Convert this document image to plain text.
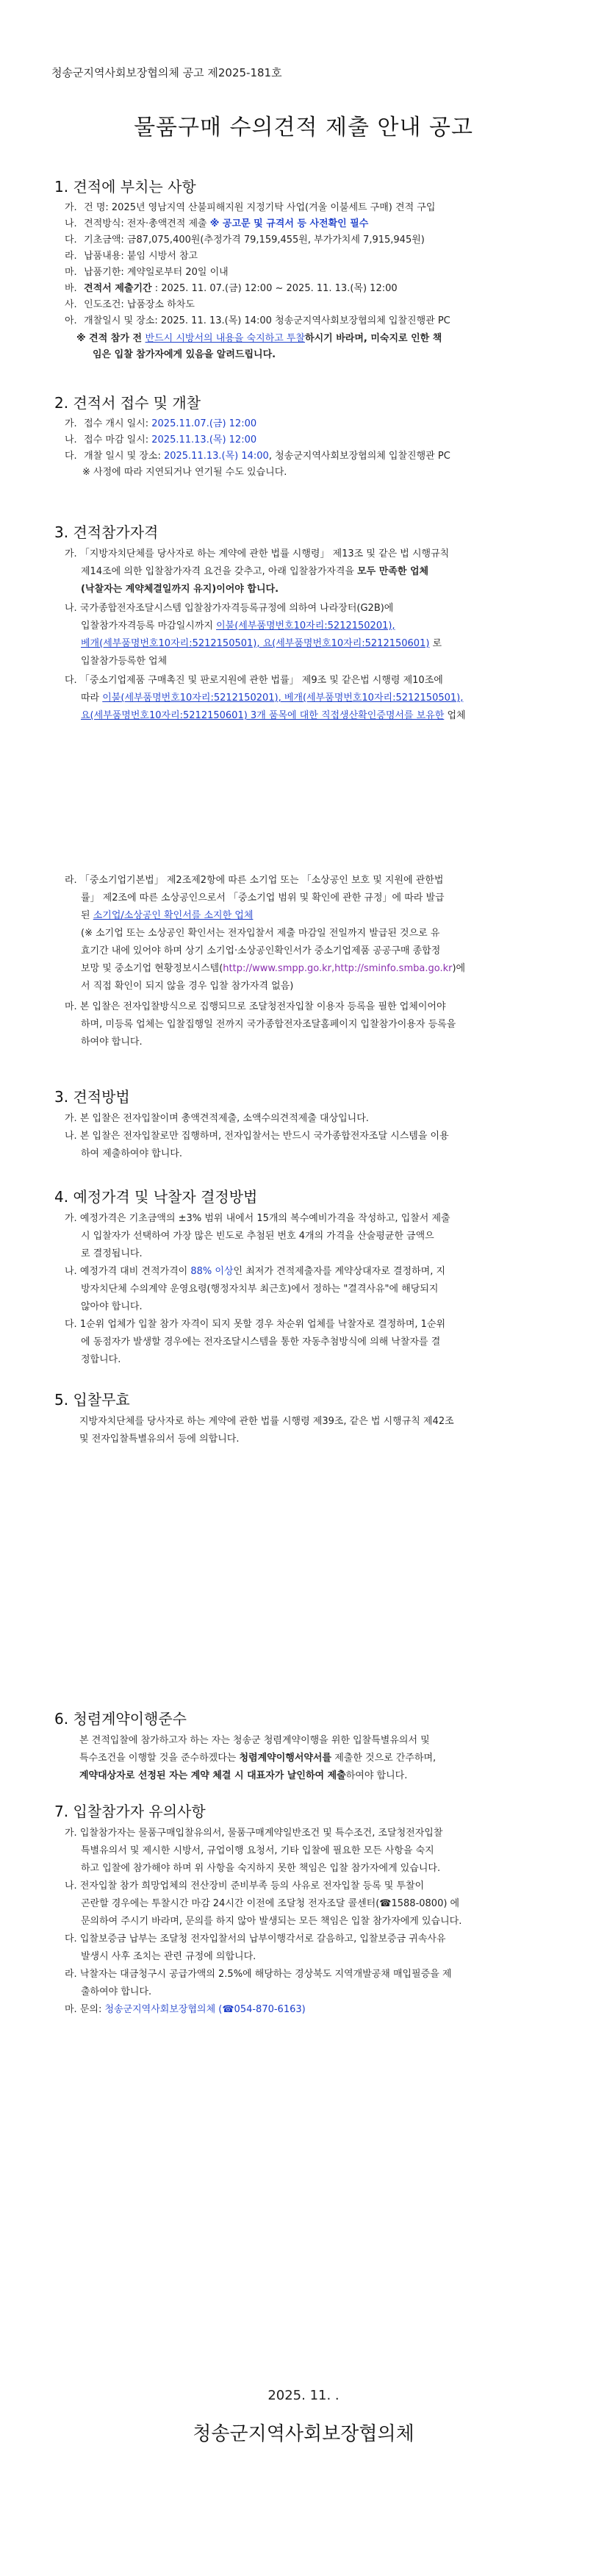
청송군지역사회보장협의체 공고 제2025-181호
물품구매 수의견적 제출 안내 공고
1. 견적에 부치는 사항
가. 건 명: 2025년 영남지역 산불피해지원 지정기탁 사업(겨울 이불세트 구매) 견적 구입
나. 견적방식: 전자·총액견적 제출 ※ 공고문 및 규격서 등 사전확인 필수
다. 기초금액: 금87,075,400원(추정가격 79,159,455원, 부가가치세 7,915,945원)
라. 납품내용: 붙임 시방서 참고
마. 납품기한: 계약일로부터 20일 이내
바. 견적서 제출기간 : 2025. 11. 07.(금) 12:00 ~ 2025. 11. 13.(목) 12:00
사. 인도조건: 납품장소 하차도
아. 개찰일시 및 장소: 2025. 11. 13.(목) 14:00 청송군지역사회보장협의체 입찰진행관 PC
※ 견적 참가 전 반드시 시방서의 내용을 숙지하고 투찰하시기 바라며, 미숙지로 인한 책
임은 입찰 참가자에게 있음을 알려드립니다.
2. 견적서 접수 및 개찰
가. 접수 개시 일시: 2025.11.07.(금) 12:00
나. 접수 마감 일시: 2025.11.13.(목) 12:00
다. 개찰 일시 및 장소: 2025.11.13.(목) 14:00, 청송군지역사회보장협의체 입찰진행관 PC
※ 사정에 따라 지연되거나 연기될 수도 있습니다.
3. 견적참가자격
가. 「지방자치단체를 당사자로 하는 계약에 관한 법률 시행령」 제13조 및 같은 법 시행규칙
제14조에 의한 입찰참가자격 요건을 갖추고, 아래 입찰참가자격을 모두 만족한 업체
(낙찰자는 계약체결일까지 유지)이어야 합니다.
나. 국가종합전자조달시스템 입찰참가자격등록규정에 의하여 나라장터(G2B)에
입찰참가자격등록 마감일시까지 이불(세부품명번호10자리:5212150201),
베개(세부품명번호10자리:5212150501), 요(세부품명번호10자리:5212150601) 로
입찰참가등록한 업체
다. 「중소기업제품 구매촉진 및 판로지원에 관한 법률」 제9조 및 같은법 시행령 제10조에
따라 이불(세부품명번호10자리:5212150201), 베개(세부품명번호10자리:5212150501),
요(세부품명번호10자리:5212150601) 3개 품목에 대한 직접생산확인증명서를 보유한 업체
라. 「중소기업기본법」 제2조제2항에 따른 소기업 또는 「소상공인 보호 및 지원에 관한법
률」 제2조에 따른 소상공인으로서 「중소기업 범위 및 확인에 관한 규정」에 따라 발급
된 소기업/소상공인 확인서를 소지한 업체
(※ 소기업 또는 소상공인 확인서는 전자입찰서 제출 마감일 전일까지 발급된 것으로 유
효기간 내에 있어야 하며 상기 소기업·소상공인확인서가 중소기업제품 공공구매 종합정
보망 및 중소기업 현황정보시스템(http://www.smpp.go.kr,http://sminfo.smba.go.kr)에
서 직접 확인이 되지 않을 경우 입찰 참가자격 없음)
마. 본 입찰은 전자입찰방식으로 집행되므로 조달청전자입찰 이용자 등록을 필한 업체이어야
하며, 미등록 업체는 입찰집행일 전까지 국가종합전자조달홈페이지 입찰참가이용자 등록을
하여야 합니다.
3. 견적방법
가. 본 입찰은 전자입찰이며 총액견적제출, 소액수의견적제출 대상입니다.
나. 본 입찰은 전자입찰로만 집행하며, 전자입찰서는 반드시 국가종합전자조달 시스템을 이용
하여 제출하여야 합니다.
4. 예정가격 및 낙찰자 결정방법
가. 예정가격은 기초금액의 ±3% 범위 내에서 15개의 복수예비가격을 작성하고, 입찰서 제출
시 입찰자가 선택하여 가장 많은 빈도로 추첨된 번호 4개의 가격을 산술평균한 금액으
로 결정됩니다.
나. 예정가격 대비 견적가격이 88% 이상인 최저가 견적제출자를 계약상대자로 결정하며, 지
방자치단체 수의계약 운영요령(행정자치부 최근호)에서 정하는 "결격사유"에 해당되지
않아야 합니다.
다. 1순위 업체가 입찰 참가 자격이 되지 못할 경우 차순위 업체를 낙찰자로 결정하며, 1순위
에 동점자가 발생할 경우에는 전자조달시스템을 통한 자동추첨방식에 의해 낙찰자를 결
정합니다.
5. 입찰무효
지방자치단체를 당사자로 하는 계약에 관한 법률 시행령 제39조, 같은 법 시행규칙 제42조
및 전자입찰특별유의서 등에 의합니다.
6. 청렴계약이행준수
본 견적입찰에 참가하고자 하는 자는 청송군 청렴계약이행을 위한 입찰특별유의서 및
특수조건을 이행할 것을 준수하겠다는 청렴계약이행서약서를 제출한 것으로 간주하며,
계약대상자로 선정된 자는 계약 체결 시 대표자가 날인하여 제출하여야 합니다.
7. 입찰참가자 유의사항
가. 입찰참가자는 물품구매입찰유의서, 물품구매계약일반조건 및 특수조건, 조달청전자입찰
특별유의서 및 제시한 시방서, 규업이행 요청서, 기타 입찰에 필요한 모든 사항을 숙지
하고 입찰에 참가해야 하며 위 사항을 숙지하지 못한 책임은 입찰 참가자에게 있습니다.
나. 전자입찰 참가 희망업체의 전산장비 준비부족 등의 사유로 전자입찰 등록 및 투찰이
곤란할 경우에는 투찰시간 마감 24시간 이전에 조달청 전자조달 콜센터(☎1588-0800) 에
문의하여 주시기 바라며, 문의를 하지 않아 발생되는 모든 책임은 입찰 참가자에게 있습니다.
다. 입찰보증금 납부는 조달청 전자입찰서의 납부이행각서로 갈음하고, 입찰보증금 귀속사유
발생시 사후 조치는 관련 규정에 의합니다.
라. 낙찰자는 대금청구시 공급가액의 2.5%에 해당하는 경상북도 지역개발공채 매입필증을 제
출하여야 합니다.
마. 문의: 청송군지역사회보장협의체 (☎054-870-6163)
2025. 11. .
청송군지역사회보장협의체
